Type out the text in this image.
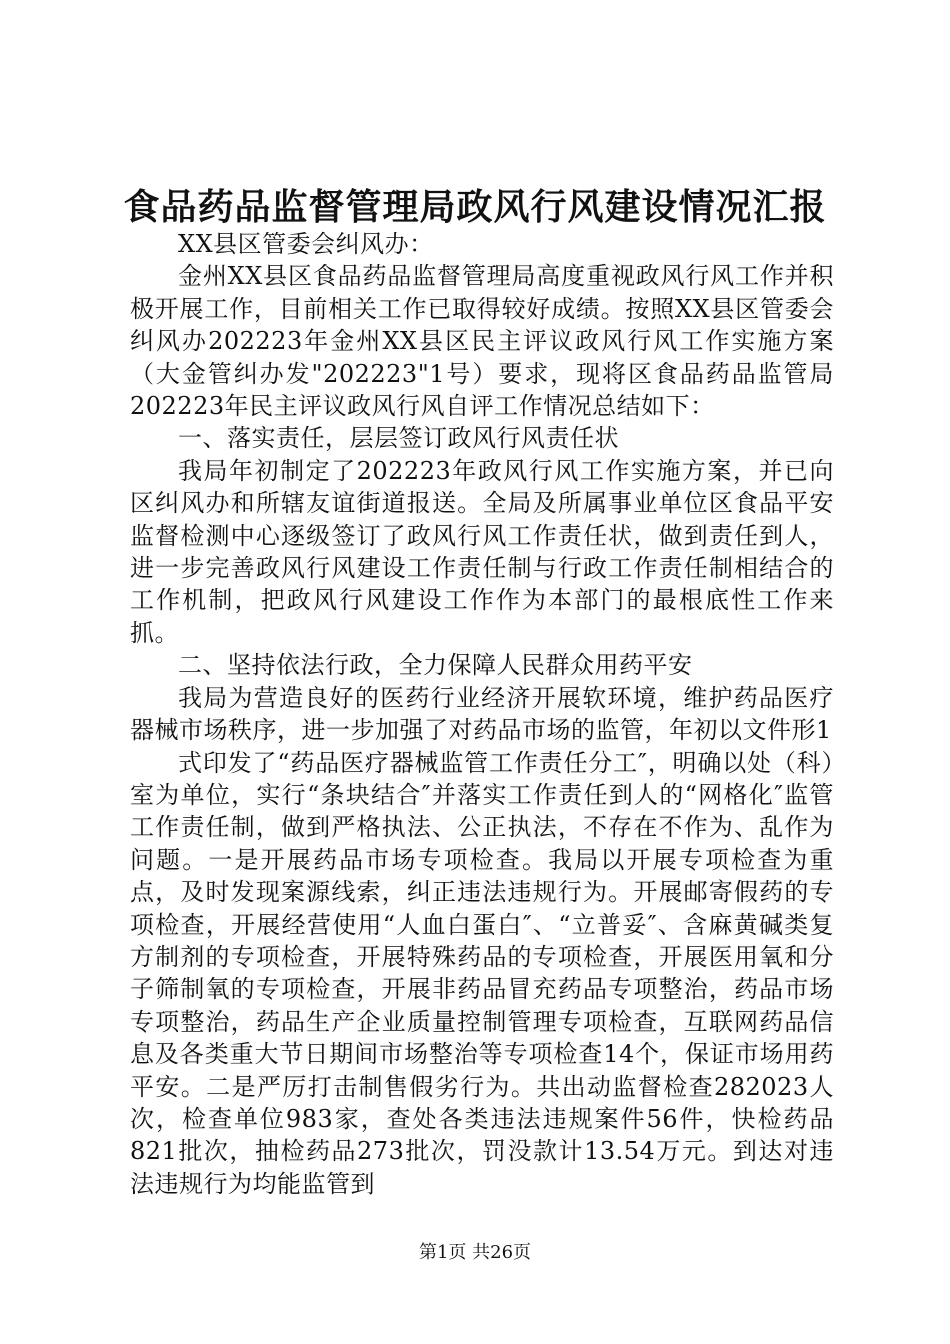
食品药品监督管理局政风行风建设情况汇报

XX县区管委会纠风办：

金州XX县区食品药品监督管理局高度重视政风行风工作并积极开展工作，目前相关工作已取得较好成绩。按照XX县区管委会纠风办202223年金州XX县区民主评议政风行风工作实施方案（大金管纠办发"202223"1号）要求，现将区食品药品监管局202223年民主评议政风行风自评工作情况总结如下：

一、落实责任，层层签订政风行风责任状

我局年初制定了202223年政风行风工作实施方案，并已向区纠风办和所辖友谊街道报送。全局及所属事业单位区食品平安监督检测中心逐级签订了政风行风工作责任状，做到责任到人，进一步完善政风行风建设工作责任制与行政工作责任制相结合的工作机制，把政风行风建设工作作为本部门的最根底性工作来抓。

二、坚持依法行政，全力保障人民群众用药平安

我局为营造良好的医药行业经济开展软环境，维护药品医疗器械市场秩序，进一步加强了对药品市场的监管，年初以文件形1

式印发了“药品医疗器械监管工作责任分工″，明确以处（科）室为单位，实行“条块结合″并落实工作责任到人的“网格化″监管工作责任制，做到严格执法、公正执法，不存在不作为、乱作为问题。一是开展药品市场专项检查。我局以开展专项检查为重点，及时发现案源线索，纠正违法违规行为。开展邮寄假药的专项检查，开展经营使用“人血白蛋白″、“立普妥″、含麻黄碱类复方制剂的专项检查，开展特殊药品的专项检查，开展医用氧和分子筛制氧的专项检查，开展非药品冒充药品专项整治，药品市场专项整治，药品生产企业质量控制管理专项检查，互联网药品信息及各类重大节日期间市场整治等专项检查14个，保证市场用药平安。二是严厉打击制售假劣行为。共出动监督检查282023人次，检查单位983家，查处各类违法违规案件56件，快检药品821批次，抽检药品273批次，罚没款计13.54万元。到达对违法违规行为均能监管到

第1页 共26页
